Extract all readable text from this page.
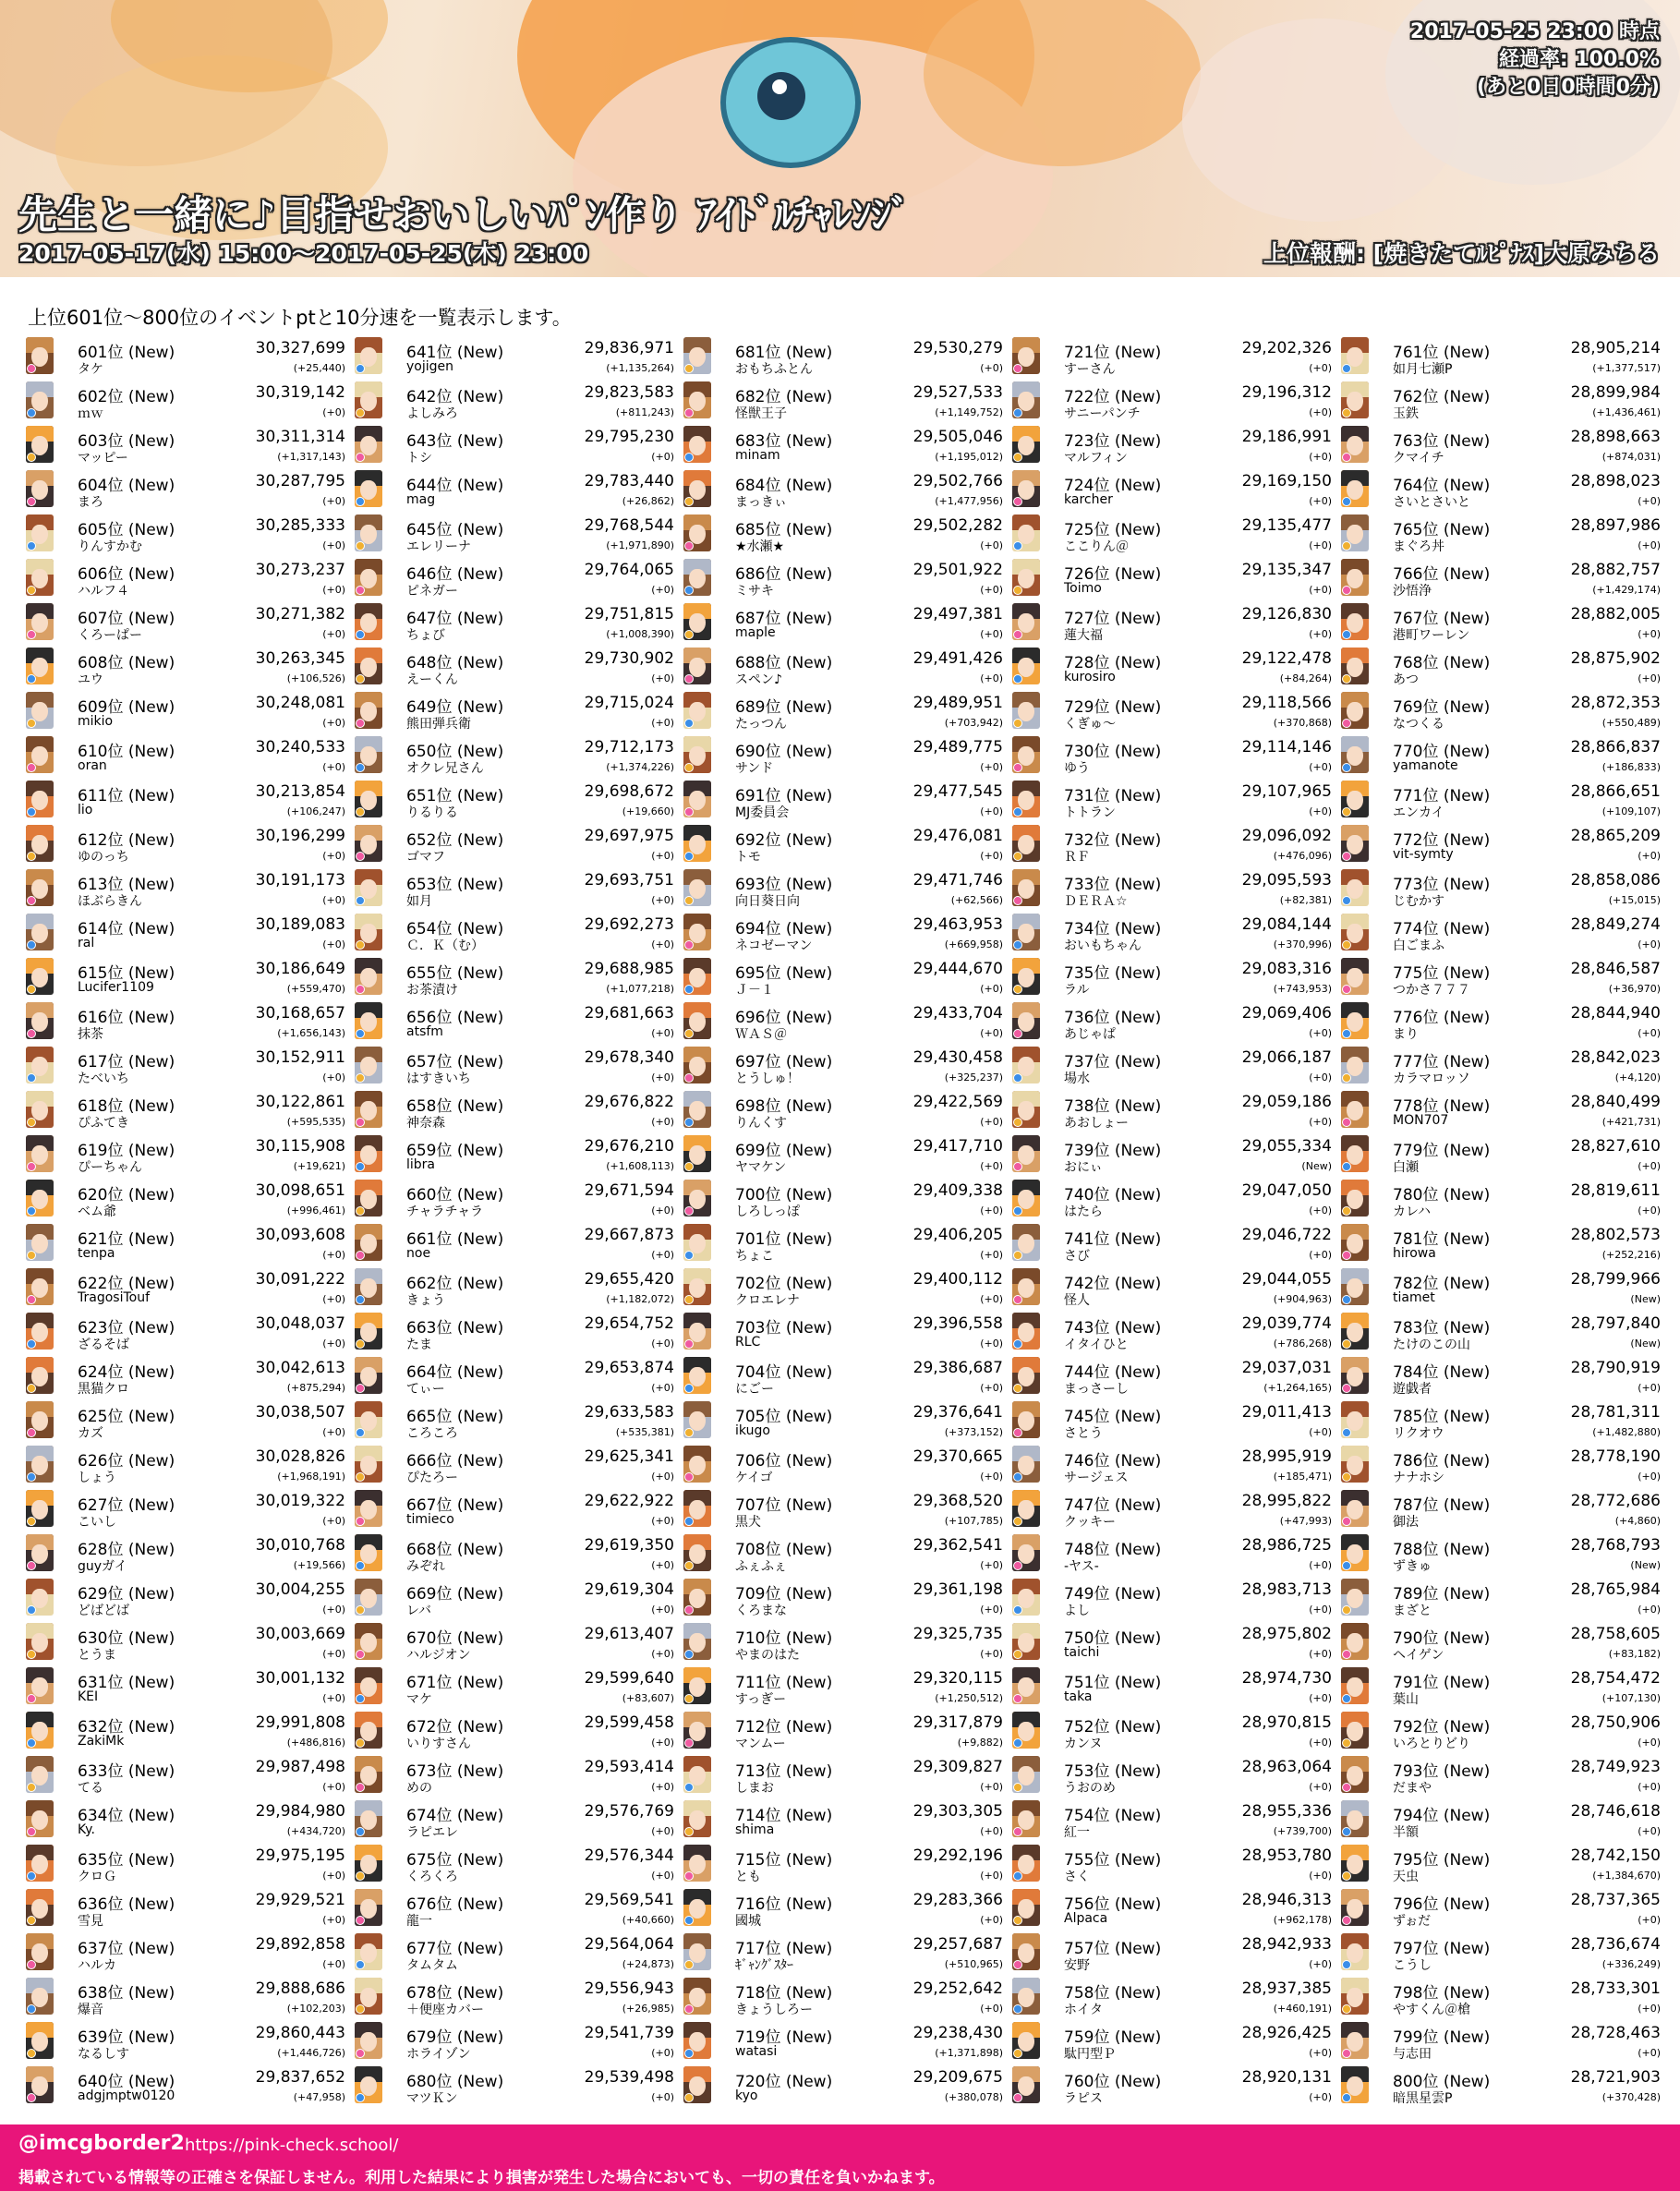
2017-05-25 23:00 時点
経過率: 100.0%
(あと0日0時間0分)
先生と一緒に♪目指せおいしいﾊﾟﾝ作り ｱｲﾄﾞﾙﾁｬﾚﾝｼﾞ
2017-05-17(水) 15:00～2017-05-25(木) 23:00	上位報酬: [焼きたてﾙﾋﾟﾅｽ]大原みちる
上位601位～800位のイベントptと10分速を一覧表示します。
601位 (New)	30,327,699
タケ	(+25,440)
602位 (New)	30,319,142
ｍｗ	(+0)
603位 (New)	30,311,314
マッピー	(+1,317,143)
604位 (New)	30,287,795
まろ	(+0)
605位 (New)	30,285,333
りんすかむ	(+0)
606位 (New)	30,273,237
ハルフ４	(+0)
607位 (New)	30,271,382
くろーぱー	(+0)
608位 (New)	30,263,345
ユウ	(+106,526)
609位 (New)	30,248,081
mikio	(+0)
610位 (New)	30,240,533
oran	(+0)
611位 (New)	30,213,854
lio	(+106,247)
612位 (New)	30,196,299
ゆのっち	(+0)
613位 (New)	30,191,173
ほぶらきん	(+0)
614位 (New)	30,189,083
ral	(+0)
615位 (New)	30,186,649
Lucifer1109	(+559,470)
616位 (New)	30,168,657
抹茶	(+1,656,143)
617位 (New)	30,152,911
たべいち	(+0)
618位 (New)	30,122,861
ぴふてき	(+595,535)
619位 (New)	30,115,908
ぴーちゃん	(+19,621)
620位 (New)	30,098,651
ベム爺	(+996,461)
621位 (New)	30,093,608
tenpa	(+0)
622位 (New)	30,091,222
TragosiTouf	(+0)
623位 (New)	30,048,037
ざるそば	(+0)
624位 (New)	30,042,613
黒猫クロ	(+875,294)
625位 (New)	30,038,507
カズ	(+0)
626位 (New)	30,028,826
しょう	(+1,968,191)
627位 (New)	30,019,322
こいし	(+0)
628位 (New)	30,010,768
guyガイ	(+19,566)
629位 (New)	30,004,255
どばどば	(+0)
630位 (New)	30,003,669
とうま	(+0)
631位 (New)	30,001,132
KEI	(+0)
632位 (New)	29,991,808
ZakiMk	(+486,816)
633位 (New)	29,987,498
てる	(+0)
634位 (New)	29,984,980
Ky.	(+434,720)
635位 (New)	29,975,195
クロＧ	(+0)
636位 (New)	29,929,521
雪見	(+0)
637位 (New)	29,892,858
ハルカ	(+0)
638位 (New)	29,888,686
爆音	(+102,203)
639位 (New)	29,860,443
なるしす	(+1,446,726)
640位 (New)	29,837,652
adgjmptw0120	(+47,958)
641位 (New)	29,836,971
yojigen	(+1,135,264)
642位 (New)	29,823,583
よしみろ	(+811,243)
643位 (New)	29,795,230
トシ	(+0)
644位 (New)	29,783,440
mag	(+26,862)
645位 (New)	29,768,544
エレリーナ	(+1,971,890)
646位 (New)	29,764,065
ピネガー	(+0)
647位 (New)	29,751,815
ちょび	(+1,008,390)
648位 (New)	29,730,902
えーくん	(+0)
649位 (New)	29,715,024
熊田弾兵衛	(+0)
650位 (New)	29,712,173
オクレ兄さん	(+1,374,226)
651位 (New)	29,698,672
りるりる	(+19,660)
652位 (New)	29,697,975
ゴマフ	(+0)
653位 (New)	29,693,751
如月	(+0)
654位 (New)	29,692,273
Ｃ．Ｋ（む）	(+0)
655位 (New)	29,688,985
お茶漬け	(+1,077,218)
656位 (New)	29,681,663
atsfm	(+0)
657位 (New)	29,678,340
はすきいち	(+0)
658位 (New)	29,676,822
神奈森	(+0)
659位 (New)	29,676,210
libra	(+1,608,113)
660位 (New)	29,671,594
チャラチャラ	(+0)
661位 (New)	29,667,873
noe	(+0)
662位 (New)	29,655,420
きょう	(+1,182,072)
663位 (New)	29,654,752
たま	(+0)
664位 (New)	29,653,874
てぃー	(+0)
665位 (New)	29,633,583
ころころ	(+535,381)
666位 (New)	29,625,341
ぴたろー	(+0)
667位 (New)	29,622,922
timieco	(+0)
668位 (New)	29,619,350
みぞれ	(+0)
669位 (New)	29,619,304
レバ	(+0)
670位 (New)	29,613,407
ハルジオン	(+0)
671位 (New)	29,599,640
マケ	(+83,607)
672位 (New)	29,599,458
いりすさん	(+0)
673位 (New)	29,593,414
めの	(+0)
674位 (New)	29,576,769
ラピエレ	(+0)
675位 (New)	29,576,344
くろくろ	(+0)
676位 (New)	29,569,541
龍一	(+40,660)
677位 (New)	29,564,064
タムタム	(+24,873)
678位 (New)	29,556,943
＋便座カバー	(+26,985)
679位 (New)	29,541,739
ホライゾン	(+0)
680位 (New)	29,539,498
マツＫン	(+0)
681位 (New)	29,530,279
おもちふとん	(+0)
682位 (New)	29,527,533
怪獣王子	(+1,149,752)
683位 (New)	29,505,046
minam	(+1,195,012)
684位 (New)	29,502,766
まっきぃ	(+1,477,956)
685位 (New)	29,502,282
★水瀬★	(+0)
686位 (New)	29,501,922
ミサキ	(+0)
687位 (New)	29,497,381
maple	(+0)
688位 (New)	29,491,426
スペン♪	(+0)
689位 (New)	29,489,951
たっつん	(+703,942)
690位 (New)	29,489,775
サンド	(+0)
691位 (New)	29,477,545
MJ委員会	(+0)
692位 (New)	29,476,081
トモ	(+0)
693位 (New)	29,471,746
向日葵日向	(+62,566)
694位 (New)	29,463,953
ネコゼーマン	(+669,958)
695位 (New)	29,444,670
Ｊ－１	(+0)
696位 (New)	29,433,704
ＷＡＳ＠	(+0)
697位 (New)	29,430,458
とうしゅ！	(+325,237)
698位 (New)	29,422,569
りんくす	(+0)
699位 (New)	29,417,710
ヤマケン	(+0)
700位 (New)	29,409,338
しろしっぽ	(+0)
701位 (New)	29,406,205
ちょこ	(+0)
702位 (New)	29,400,112
クロエレナ	(+0)
703位 (New)	29,396,558
RLC	(+0)
704位 (New)	29,386,687
にごー	(+0)
705位 (New)	29,376,641
ikugo	(+373,152)
706位 (New)	29,370,665
ケイゴ	(+0)
707位 (New)	29,368,520
黒犬	(+107,785)
708位 (New)	29,362,541
ふぇふぇ	(+0)
709位 (New)	29,361,198
くろまな	(+0)
710位 (New)	29,325,735
やまのはた	(+0)
711位 (New)	29,320,115
すっぎー	(+1,250,512)
712位 (New)	29,317,879
マンムー	(+9,882)
713位 (New)	29,309,827
しまお	(+0)
714位 (New)	29,303,305
shima	(+0)
715位 (New)	29,292,196
とも	(+0)
716位 (New)	29,283,366
國城	(+0)
717位 (New)	29,257,687
ｷﾞｬﾝｸﾞｽﾀｰ	(+510,965)
718位 (New)	29,252,642
きょうしろー	(+0)
719位 (New)	29,238,430
watasi	(+1,371,898)
720位 (New)	29,209,675
kyo	(+380,078)
721位 (New)	29,202,326
すーさん	(+0)
722位 (New)	29,196,312
サニーパンチ	(+0)
723位 (New)	29,186,991
マルフィン	(+0)
724位 (New)	29,169,150
karcher	(+0)
725位 (New)	29,135,477
ここりん＠	(+0)
726位 (New)	29,135,347
Toimo	(+0)
727位 (New)	29,126,830
蓮大福	(+0)
728位 (New)	29,122,478
kurosiro	(+84,264)
729位 (New)	29,118,566
くぎゅ～	(+370,868)
730位 (New)	29,114,146
ゆう	(+0)
731位 (New)	29,107,965
トトラン	(+0)
732位 (New)	29,096,092
ＲＦ	(+476,096)
733位 (New)	29,095,593
ＤＥＲＡ☆	(+82,381)
734位 (New)	29,084,144
おいもちゃん	(+370,996)
735位 (New)	29,083,316
ラル	(+743,953)
736位 (New)	29,069,406
あじゃぱ	(+0)
737位 (New)	29,066,187
場水	(+0)
738位 (New)	29,059,186
あおしょー	(+0)
739位 (New)	29,055,334
おにぃ	(New)
740位 (New)	29,047,050
はたら	(+0)
741位 (New)	29,046,722
さび	(+0)
742位 (New)	29,044,055
怪人	(+904,963)
743位 (New)	29,039,774
イタイひと	(+786,268)
744位 (New)	29,037,031
まっさーし	(+1,264,165)
745位 (New)	29,011,413
さとう	(+0)
746位 (New)	28,995,919
サージェス	(+185,471)
747位 (New)	28,995,822
クッキー	(+47,993)
748位 (New)	28,986,725
-ヤス-	(+0)
749位 (New)	28,983,713
よし	(+0)
750位 (New)	28,975,802
taichi	(+0)
751位 (New)	28,974,730
taka	(+0)
752位 (New)	28,970,815
カンヌ	(+0)
753位 (New)	28,963,064
うおのめ	(+0)
754位 (New)	28,955,336
紅一	(+739,700)
755位 (New)	28,953,780
さく	(+0)
756位 (New)	28,946,313
Alpaca	(+962,178)
757位 (New)	28,942,933
安野	(+0)
758位 (New)	28,937,385
ホイタ	(+460,191)
759位 (New)	28,926,425
駄円型Ｐ	(+0)
760位 (New)	28,920,131
ラピス	(+0)
761位 (New)	28,905,214
如月七瀬P	(+1,377,517)
762位 (New)	28,899,984
玉鉄	(+1,436,461)
763位 (New)	28,898,663
クマイチ	(+874,031)
764位 (New)	28,898,023
さいとさいと	(+0)
765位 (New)	28,897,986
まぐろ丼	(+0)
766位 (New)	28,882,757
沙悟浄	(+1,429,174)
767位 (New)	28,882,005
港町ワーレン	(+0)
768位 (New)	28,875,902
あつ	(+0)
769位 (New)	28,872,353
なつくる	(+550,489)
770位 (New)	28,866,837
yamanote	(+186,833)
771位 (New)	28,866,651
エンカイ	(+109,107)
772位 (New)	28,865,209
vit-symty	(+0)
773位 (New)	28,858,086
じむかす	(+15,015)
774位 (New)	28,849,274
白ごまふ	(+0)
775位 (New)	28,846,587
つかさ７７７	(+36,970)
776位 (New)	28,844,940
まり	(+0)
777位 (New)	28,842,023
カラマロッソ	(+4,120)
778位 (New)	28,840,499
MON707	(+421,731)
779位 (New)	28,827,610
白瀬	(+0)
780位 (New)	28,819,611
カレハ	(+0)
781位 (New)	28,802,573
hirowa	(+252,216)
782位 (New)	28,799,966
tiamet	(New)
783位 (New)	28,797,840
たけのこの山	(New)
784位 (New)	28,790,919
遊戯者	(+0)
785位 (New)	28,781,311
リクオウ	(+1,482,880)
786位 (New)	28,778,190
ナナホシ	(+0)
787位 (New)	28,772,686
御法	(+4,860)
788位 (New)	28,768,793
ずきゅ	(New)
789位 (New)	28,765,984
まざと	(+0)
790位 (New)	28,758,605
ヘイゲン	(+83,182)
791位 (New)	28,754,472
葉山	(+107,130)
792位 (New)	28,750,906
いろとりどり	(+0)
793位 (New)	28,749,923
だまや	(+0)
794位 (New)	28,746,618
半額	(+0)
795位 (New)	28,742,150
天虫	(+1,384,670)
796位 (New)	28,737,365
ずぉだ	(+0)
797位 (New)	28,736,674
こうし	(+336,249)
798位 (New)	28,733,301
やすくん＠槍	(+0)
799位 (New)	28,728,463
与志田	(+0)
800位 (New)	28,721,903
暗黒星雲P	(+370,428)
@imcgborder2 https://pink-check.school/
掲載されている情報等の正確さを保証しません。利用した結果により損害が発生した場合においても、一切の責任を負いかねます。
